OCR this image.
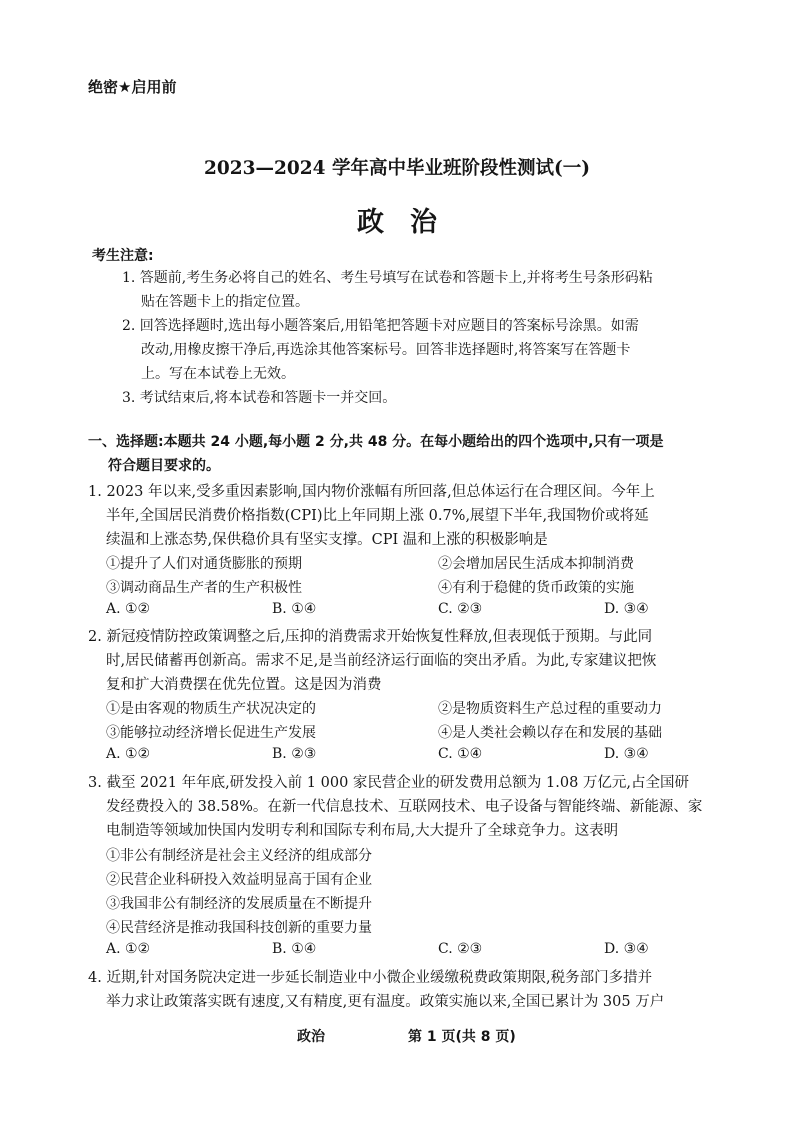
绝密★启用前
2023—2024 学年高中毕业班阶段性测试(一)
政治
考生注意:
1. 答题前,考生务必将自己的姓名、考生号填写在试卷和答题卡上,并将考生号条形码粘
贴在答题卡上的指定位置。
2. 回答选择题时,选出每小题答案后,用铅笔把答题卡对应题目的答案标号涂黑。如需
改动,用橡皮擦干净后,再选涂其他答案标号。回答非选择题时,将答案写在答题卡
上。写在本试卷上无效。
3. 考试结束后,将本试卷和答题卡一并交回。
一、选择题:本题共 24 小题,每小题 2 分,共 48 分。在每小题给出的四个选项中,只有一项是
符合题目要求的。
1. 2023 年以来,受多重因素影响,国内物价涨幅有所回落,但总体运行在合理区间。今年上
半年,全国居民消费价格指数(CPI)比上年同期上涨 0.7%,展望下半年,我国物价或将延
续温和上涨态势,保供稳价具有坚实支撑。CPI 温和上涨的积极影响是
①提升了人们对通货膨胀的预期	②会增加居民生活成本抑制消费
③调动商品生产者的生产积极性	④有利于稳健的货币政策的实施
A. ①②	B. ①④	C. ②③	D. ③④
2. 新冠疫情防控政策调整之后,压抑的消费需求开始恢复性释放,但表现低于预期。与此同
时,居民储蓄再创新高。需求不足,是当前经济运行面临的突出矛盾。为此,专家建议把恢
复和扩大消费摆在优先位置。这是因为消费
①是由客观的物质生产状况决定的	②是物质资料生产总过程的重要动力
③能够拉动经济增长促进生产发展	④是人类社会赖以存在和发展的基础
A. ①②	B. ②③	C. ①④	D. ③④
3. 截至 2021 年年底,研发投入前 1 000 家民营企业的研发费用总额为 1.08 万亿元,占全国研
发经费投入的 38.58%。在新一代信息技术、互联网技术、电子设备与智能终端、新能源、家
电制造等领域加快国内发明专利和国际专利布局,大大提升了全球竞争力。这表明
①非公有制经济是社会主义经济的组成部分
②民营企业科研投入效益明显高于国有企业
③我国非公有制经济的发展质量在不断提升
④民营经济是推动我国科技创新的重要力量
A. ①②	B. ①④	C. ②③	D. ③④
4. 近期,针对国务院决定进一步延长制造业中小微企业缓缴税费政策期限,税务部门多措并
举力求让政策落实既有速度,又有精度,更有温度。政策实施以来,全国已累计为 305 万户
政治	第 1 页(共 8 页)
